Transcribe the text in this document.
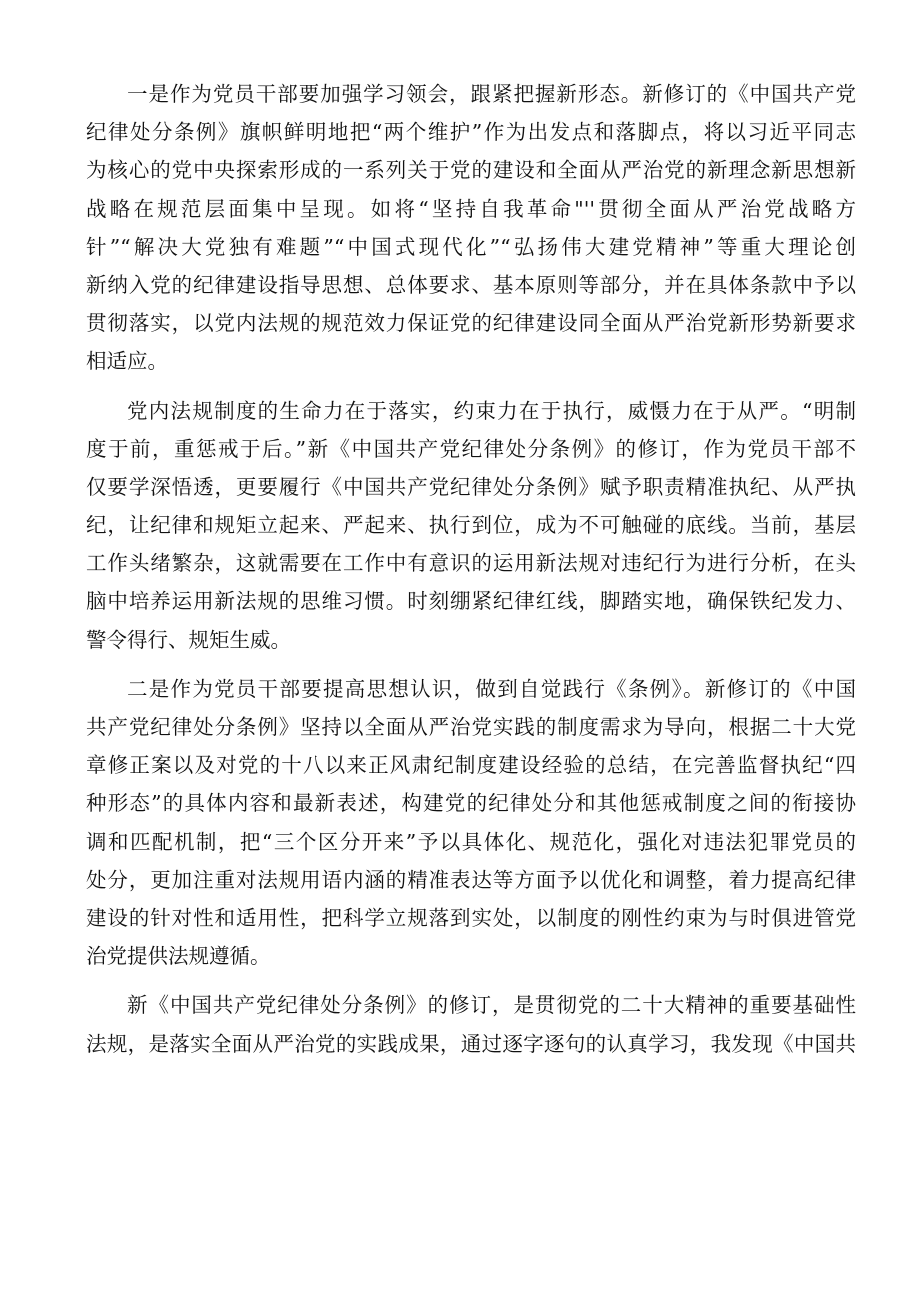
一是作为党员干部要加强学习领会，跟紧把握新形态。新修订的《中国共产党
纪律处分条例》旗帜鲜明地把“两个维护”作为出发点和落脚点，将以习近平同志
为核心的党中央探索形成的一系列关于党的建设和全面从严治党的新理念新思想新
战略在规范层面集中呈现。如将“坚持自我革命"''贯彻全面从严治党战略方
针”“解决大党独有难题”“中国式现代化”“弘扬伟大建党精神”等重大理论创
新纳入党的纪律建设指导思想、总体要求、基本原则等部分，并在具体条款中予以
贯彻落实，以党内法规的规范效力保证党的纪律建设同全面从严治党新形势新要求
相适应。
党内法规制度的生命力在于落实，约束力在于执行，威慑力在于从严。“明制
度于前，重惩戒于后。”新《中国共产党纪律处分条例》的修订，作为党员干部不
仅要学深悟透，更要履行《中国共产党纪律处分条例》赋予职责精准执纪、从严执
纪，让纪律和规矩立起来、严起来、执行到位，成为不可触碰的底线。当前，基层
工作头绪繁杂，这就需要在工作中有意识的运用新法规对违纪行为进行分析，在头
脑中培养运用新法规的思维习惯。时刻绷紧纪律红线，脚踏实地，确保铁纪发力、
警令得行、规矩生威。
二是作为党员干部要提高思想认识，做到自觉践行《条例》。新修订的《中国
共产党纪律处分条例》坚持以全面从严治党实践的制度需求为导向，根据二十大党
章修正案以及对党的十八以来正风肃纪制度建设经验的总结，在完善监督执纪“四
种形态”的具体内容和最新表述，构建党的纪律处分和其他惩戒制度之间的衔接协
调和匹配机制，把“三个区分开来”予以具体化、规范化，强化对违法犯罪党员的
处分，更加注重对法规用语内涵的精准表达等方面予以优化和调整，着力提高纪律
建设的针对性和适用性，把科学立规落到实处，以制度的刚性约束为与时俱进管党
治党提供法规遵循。
新《中国共产党纪律处分条例》的修订，是贯彻党的二十大精神的重要基础性
法规，是落实全面从严治党的实践成果，通过逐字逐句的认真学习，我发现《中国共
